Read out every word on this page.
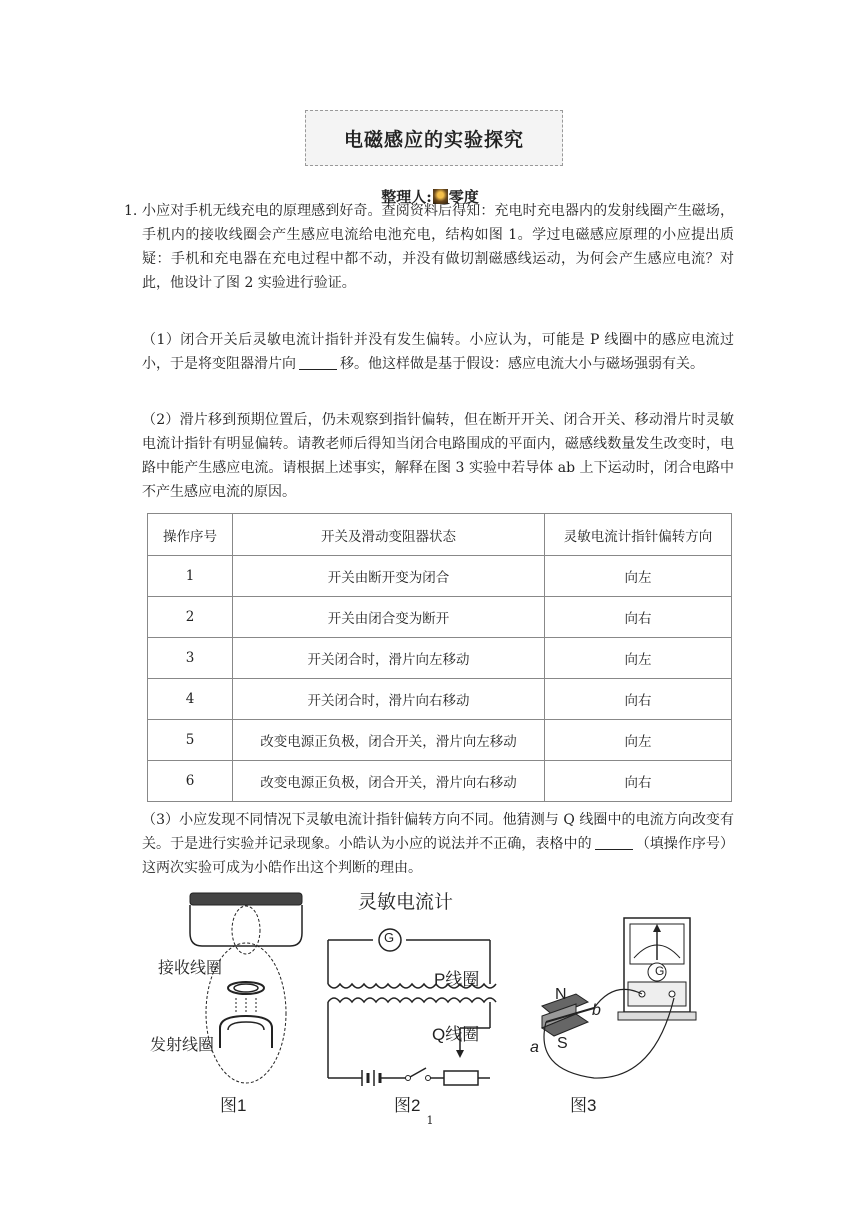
电磁感应的实验探究
整理人: 零度
1. 小应对手机无线充电的原理感到好奇。查阅资料后得知：充电时充电器内的发射线圈产生磁场，手机内的接收线圈会产生感应电流给电池充电，结构如图 1。学过电磁感应原理的小应提出质疑：手机和充电器在充电过程中都不动，并没有做切割磁感线运动，为何会产生感应电流？对此，他设计了图 2 实验进行验证。
（1）闭合开关后灵敏电流计指针并没有发生偏转。小应认为，可能是 P 线圈中的感应电流过小，于是将变阻器滑片向	移。他这样做是基于假设：感应电流大小与磁场强弱有关。
（2）滑片移到预期位置后，仍未观察到指针偏转，但在断开开关、闭合开关、移动滑片时灵敏电流计指针有明显偏转。请教老师后得知当闭合电路围成的平面内，磁感线数量发生改变时，电路中能产生感应电流。请根据上述事实，解释在图 3 实验中若导体 ab 上下运动时，闭合电路中不产生感应电流的原因。
操作序号	开关及滑动变阻器状态	灵敏电流计指针偏转方向
1	开关由断开变为闭合	向左
2	开关由闭合变为断开	向右
3	开关闭合时，滑片向左移动	向左
4	开关闭合时，滑片向右移动	向右
5	改变电源正负极，闭合开关，滑片向左移动	向左
6	改变电源正负极，闭合开关，滑片向右移动	向右
（3）小应发现不同情况下灵敏电流计指针偏转方向不同。他猜测与 Q 线圈中的电流方向改变有关。于是进行实验并记录现象。小皓认为小应的说法并不正确，表格中的	（填操作序号）这两次实验可成为小皓作出这个判断的理由。
接收线圈
发射线圈
图1
G
灵敏电流计
P线圈
Q线圈
图2
G
N
S
a
b
图3
1
